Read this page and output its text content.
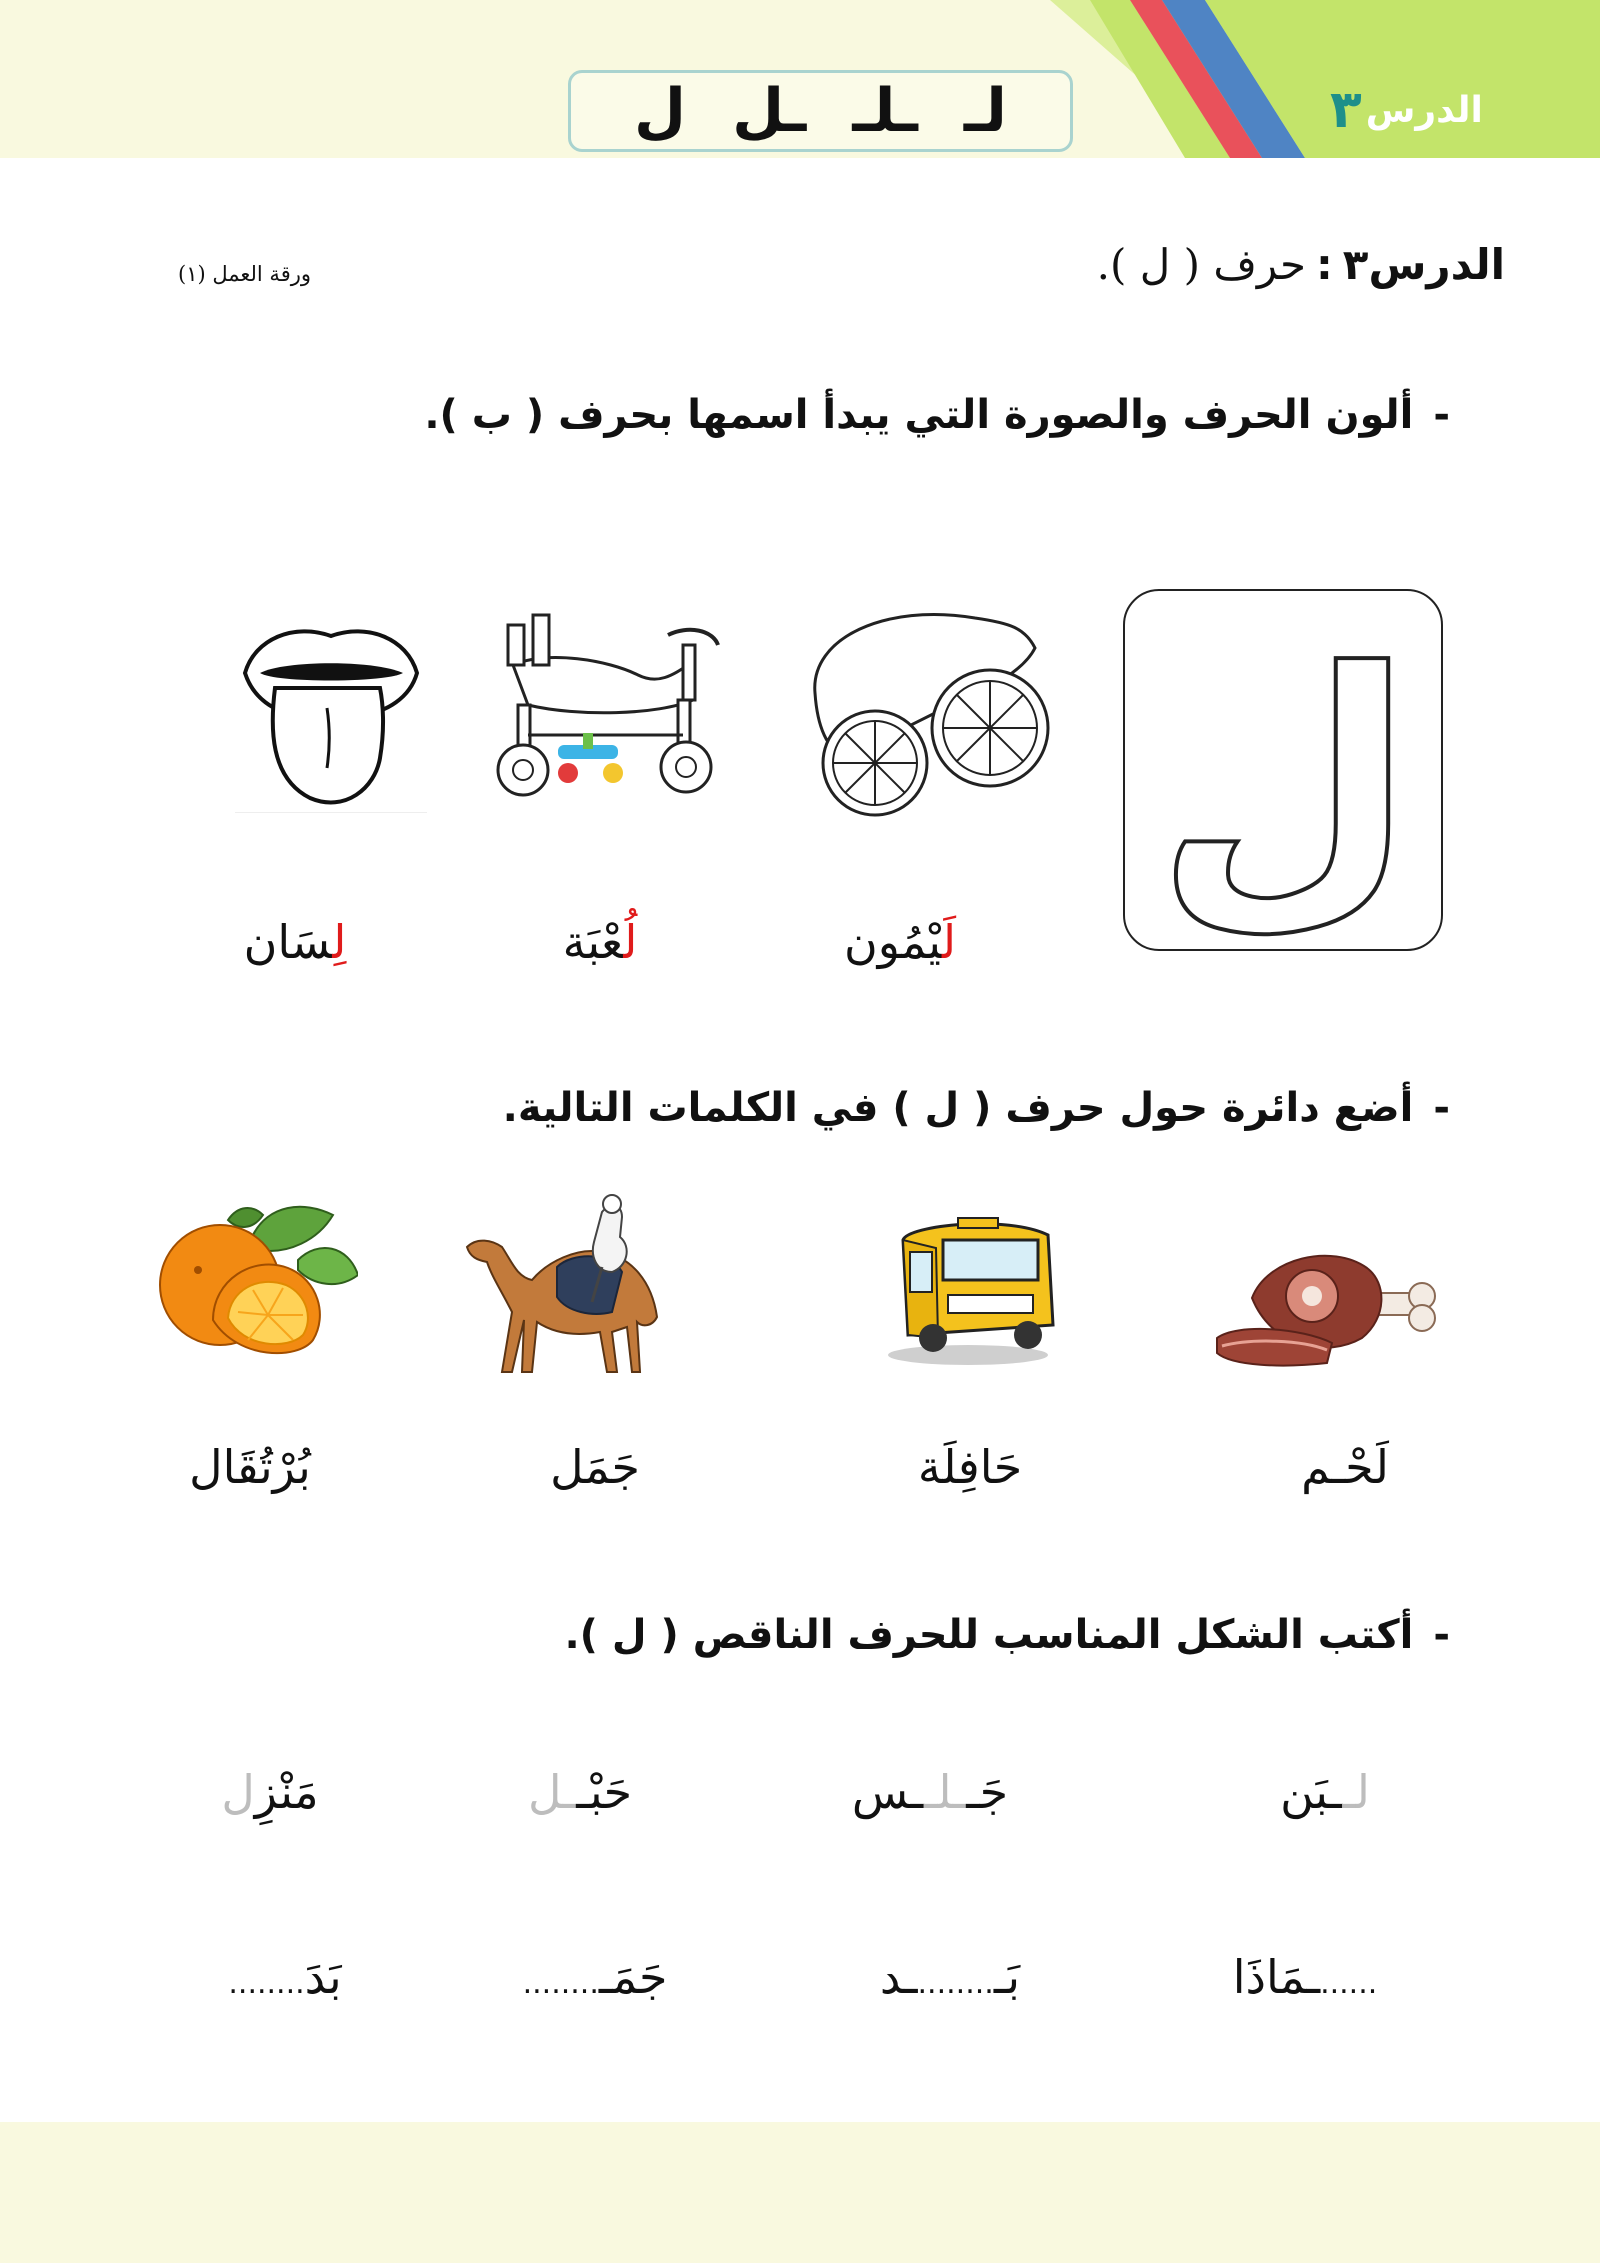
ل ـل ـلـ لـ	الدرس
٣
الدرس٣
:
حرف ( ل ).
ورقة العمل (١)
-
ألون الحرف والصورة التي يبدأ اسمها بحرف ( ب ).
ل
لَيْمُون
لُعْبَة
لِسَان
-
أضع دائرة حول حرف ( ل ) في الكلمات التالية.
لَحْـم
حَافِلَة
جَمَل
بُرْتُقَال
-
أكتب الشكل المناسب للحرف الناقص ( ل ).
لــبَن
جَــلــس
حَبْــل
مَنْزِل
......ـمَاذَا
بَـ........ـد
جَمَـ........
بَدَ........
